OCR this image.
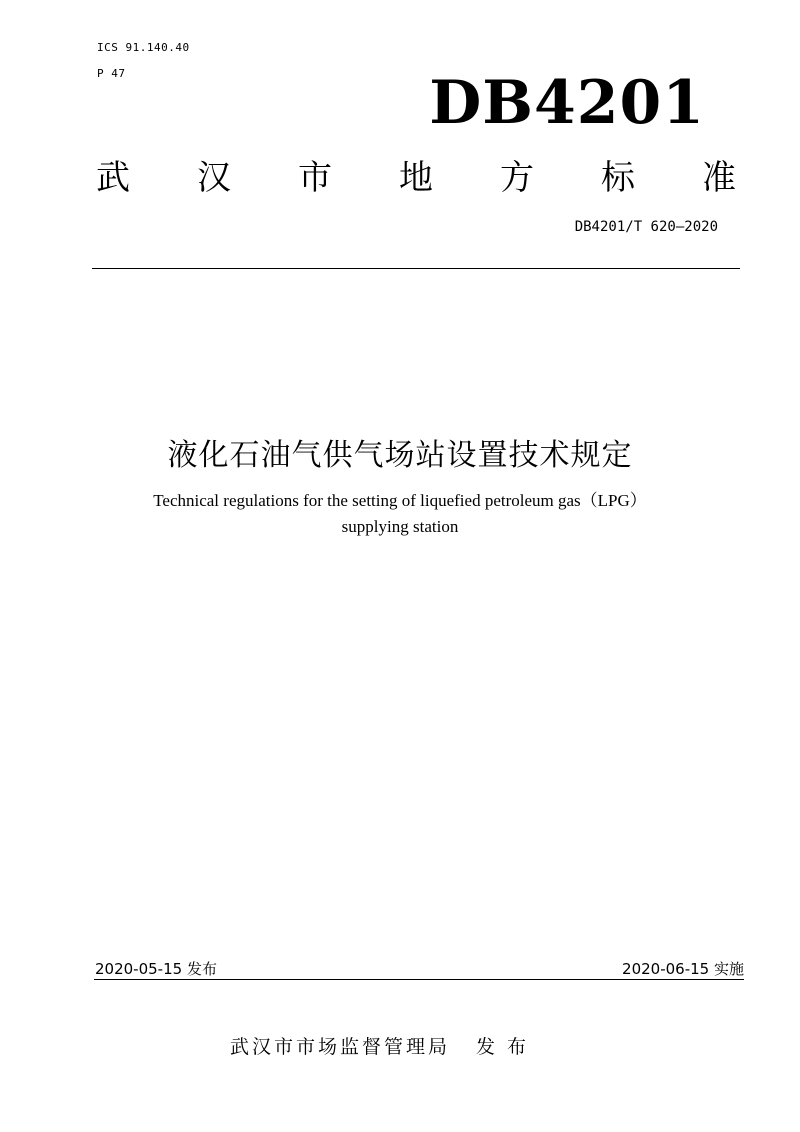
ICS 91.140.40
P 47	DB4201
武 汉 市 地 方 标 准
DB4201/T 620—2020
液化石油气供气场站设置技术规定
Technical regulations for the setting of liquefied petroleum gas（LPG）
supplying station
2020-05-15 发布	2020-06-15 实施
武汉市市场监督管理局 发 布
